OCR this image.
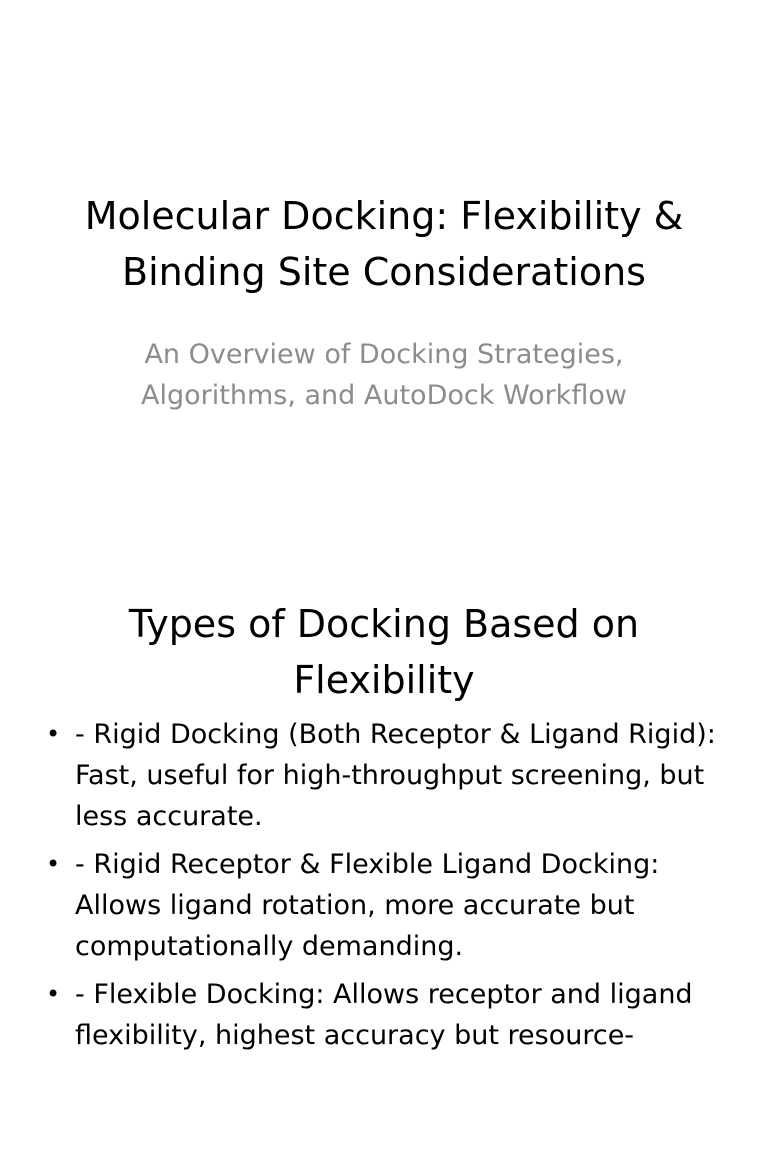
Molecular Docking: Flexibility &
Binding Site Considerations

An Overview of Docking Strategies,
Algorithms, and AutoDock Workflow

Types of Docking Based on
Flexibility
• - Rigid Docking (Both Receptor & Ligand Rigid):
Fast, useful for high-throughput screening, but
less accurate.
• - Rigid Receptor & Flexible Ligand Docking:
Allows ligand rotation, more accurate but
computationally demanding.
• - Flexible Docking: Allows receptor and ligand
flexibility, highest accuracy but resource-
